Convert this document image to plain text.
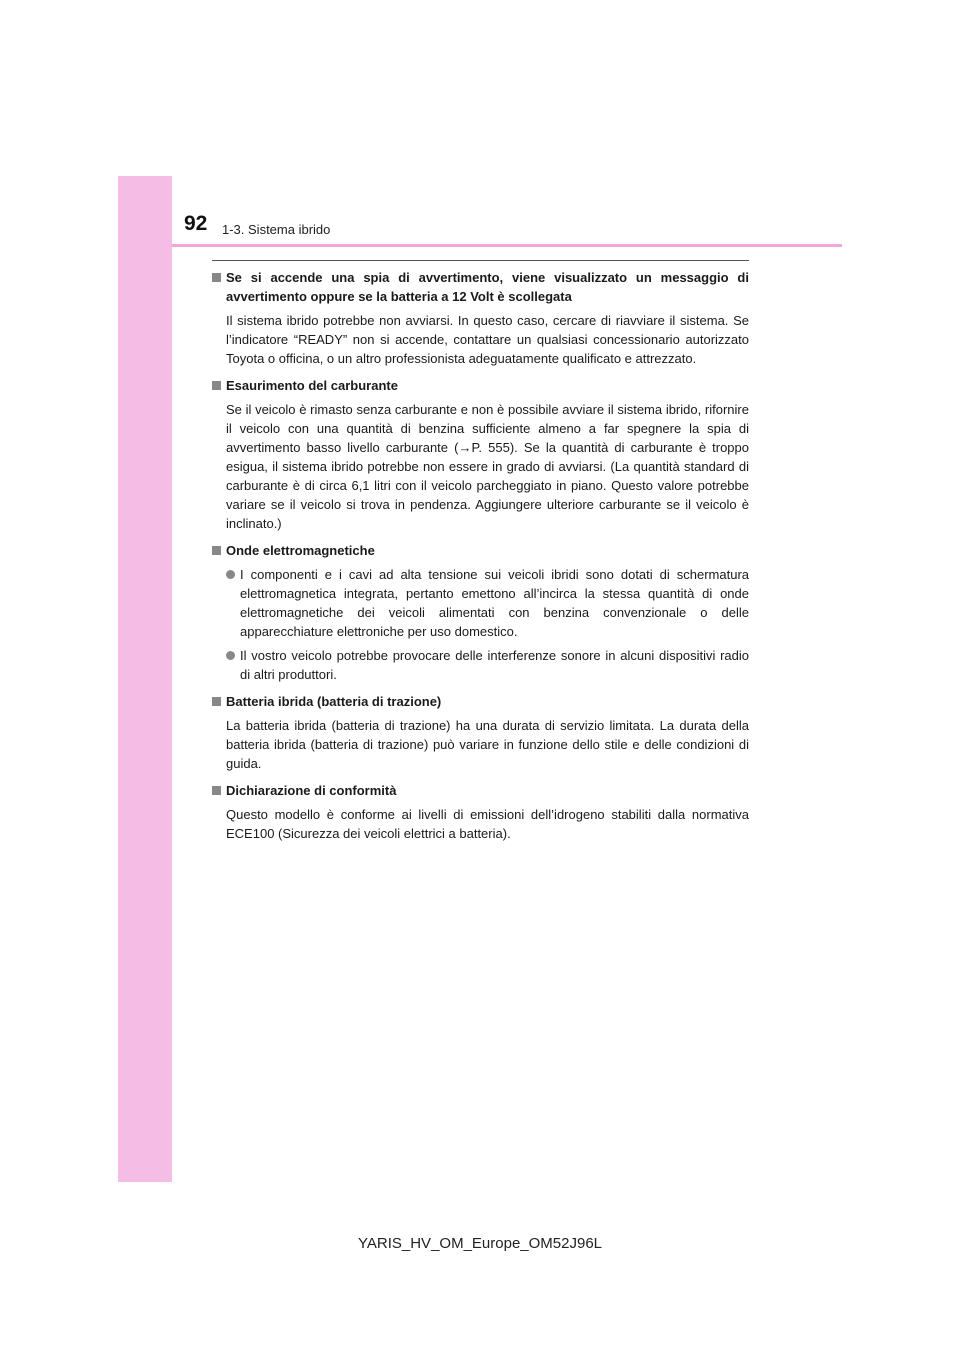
92 1-3. Sistema ibrido
Se si accende una spia di avvertimento, viene visualizzato un messaggio di avvertimento oppure se la batteria a 12 Volt è scollegata
Il sistema ibrido potrebbe non avviarsi. In questo caso, cercare di riavviare il sistema. Se l’indicatore “READY” non si accende, contattare un qualsiasi concessionario autorizzato Toyota o officina, o un altro professionista adeguatamente qualificato e attrezzato.
Esaurimento del carburante
Se il veicolo è rimasto senza carburante e non è possibile avviare il sistema ibrido, rifornire il veicolo con una quantità di benzina sufficiente almeno a far spegnere la spia di avvertimento basso livello carburante (→P. 555). Se la quantità di carburante è troppo esigua, il sistema ibrido potrebbe non essere in grado di avviarsi. (La quantità standard di carburante è di circa 6,1 litri con il veicolo parcheggiato in piano. Questo valore potrebbe variare se il veicolo si trova in pendenza. Aggiungere ulteriore carburante se il veicolo è inclinato.)
Onde elettromagnetiche
I componenti e i cavi ad alta tensione sui veicoli ibridi sono dotati di schermatura elettromagnetica integrata, pertanto emettono all’incirca la stessa quantità di onde elettromagnetiche dei veicoli alimentati con benzina convenzionale o delle apparecchiature elettroniche per uso domestico.
Il vostro veicolo potrebbe provocare delle interferenze sonore in alcuni dispositivi radio di altri produttori.
Batteria ibrida (batteria di trazione)
La batteria ibrida (batteria di trazione) ha una durata di servizio limitata. La durata della batteria ibrida (batteria di trazione) può variare in funzione dello stile e delle condizioni di guida.
Dichiarazione di conformità
Questo modello è conforme ai livelli di emissioni dell’idrogeno stabiliti dalla normativa ECE100 (Sicurezza dei veicoli elettrici a batteria).
YARIS_HV_OM_Europe_OM52J96L
